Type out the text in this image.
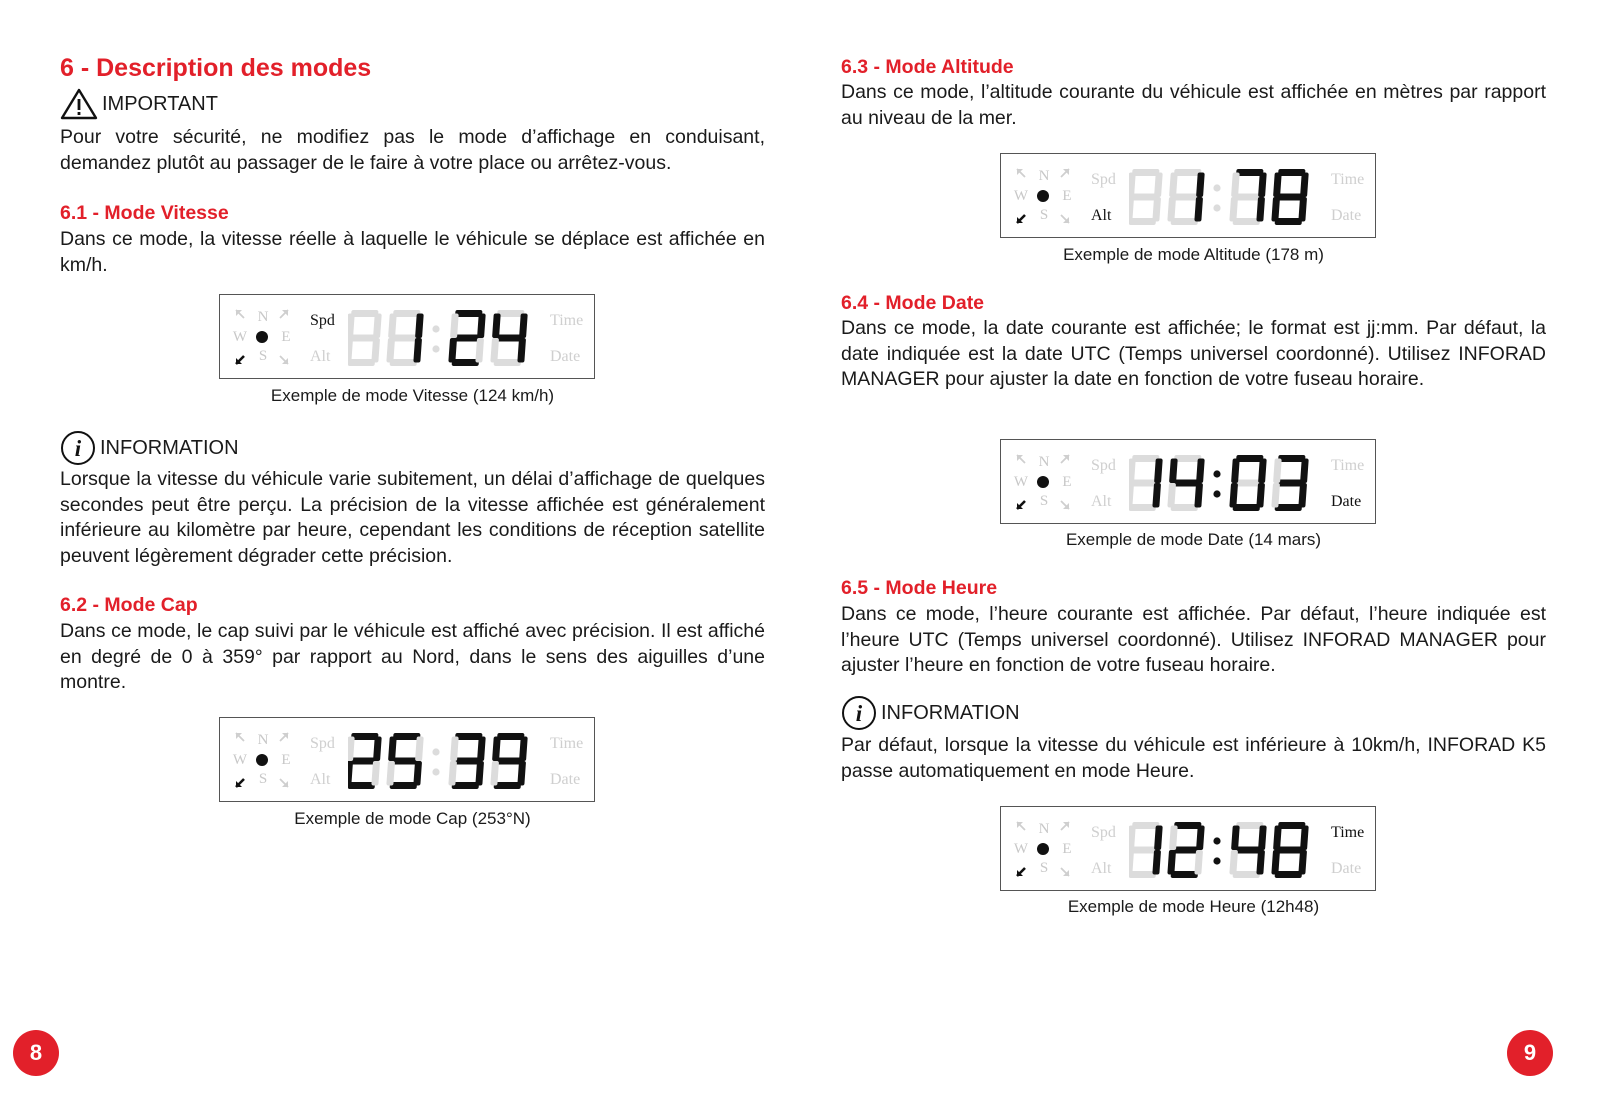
6 - Description des modes
IMPORTANT

Pour votre sécurité, ne modifiez pas le mode d’affichage en conduisant, demandez plutôt au passager de le faire à votre place ou arrêtez-vous.

6.1 - Mode Vitesse

Dans ce mode, la vitesse réelle à laquelle le véhicule se déplace est affichée en km/h.

N
W E
S
Spd
Alt
Time
Date
Exemple de mode Vitesse (124 km/h)
i INFORMATION

Lorsque la vitesse du véhicule varie subitement, un délai d’affichage de quelques secondes peut être perçu. La précision de la vitesse affichée est généralement inférieure au kilomètre par heure, cependant les conditions de réception satellite peuvent légèrement dégrader cette précision.

6.2 - Mode Cap

Dans ce mode, le cap suivi par le véhicule est affiché avec précision. Il est affiché en degré de 0 à 359° par rapport au Nord, dans le sens des aiguilles d’une montre.

N
W E
S
Spd
Alt
Time
Date
Exemple de mode Cap (253°N)
6.3 - Mode Altitude

Dans ce mode, l’altitude courante du véhicule est affichée en mètres par rapport au niveau de la mer.

N
W E
S
Spd
Alt
Time
Date
Exemple de mode Altitude (178 m)
6.4 - Mode Date

Dans ce mode, la date courante est affichée; le format est jj:mm. Par défaut, la date indiquée est la date UTC (Temps universel coordonné). Utilisez INFORAD MANAGER pour ajuster la date en fonction de votre fuseau horaire.

N
W E
S
Spd
Alt
Time
Date
Exemple de mode Date (14 mars)
6.5 - Mode Heure

Dans ce mode, l’heure courante est affichée. Par défaut, l’heure indiquée est l’heure UTC (Temps universel coordonné). Utilisez INFORAD MANAGER pour ajuster l’heure en fonction de votre fuseau horaire.

i INFORMATION

Par défaut, lorsque la vitesse du véhicule est inférieure à 10km/h, INFORAD K5 passe automatiquement en mode Heure.

N
W E
S
Spd
Alt
Time
Date
Exemple de mode Heure (12h48)
8	9
